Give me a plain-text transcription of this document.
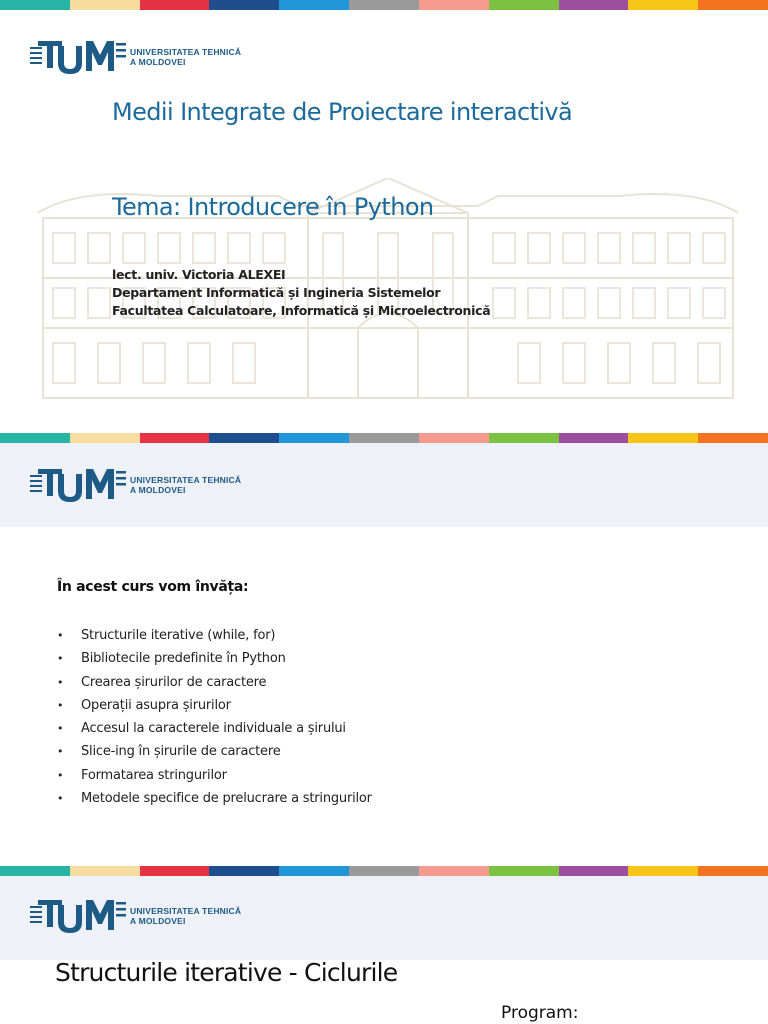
UNIVERSITATEA TEHNICĂ
A MOLDOVEI
Medii Integrate de Proiectare interactivă
Tema: Introducere în Python
lect. univ. Victoria ALEXEI
Departament Informatică și Ingineria Sistemelor
Facultatea Calculatoare, Informatică și Microelectronică
UNIVERSITATEA TEHNICĂ
A MOLDOVEI
În acest curs vom învăța:
• Structurile iterative (while, for)
• Bibliotecile predefinite în Python
• Crearea șirurilor de caractere
• Operații asupra șirurilor
• Accesul la caracterele individuale a șirului
• Slice-ing în șirurile de caractere
• Formatarea stringurilor
• Metodele specifice de prelucrare a stringurilor
UNIVERSITATEA TEHNICĂ
A MOLDOVEI
Structurile iterative - Ciclurile
Program:
